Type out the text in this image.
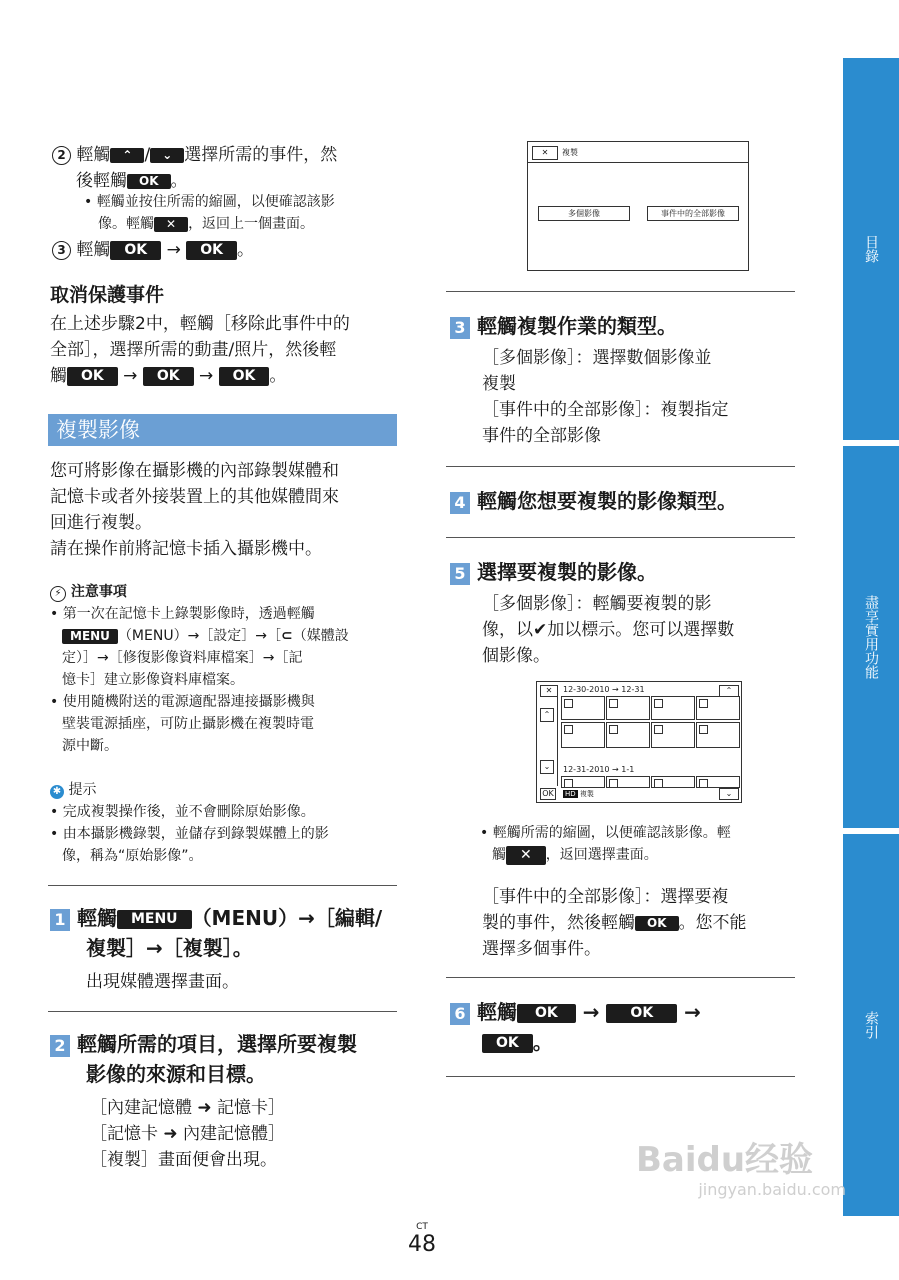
目錄
盡享實用功能
索引
2 輕觸 ⌃ / ⌄ 選擇所需的事件，然
後輕觸 OK 。
• 輕觸並按住所需的縮圖，以便確認該影
像。輕觸 ✕ ，返回上一個畫面。
3 輕觸 OK → OK 。
取消保護事件
在上述步驟2中，輕觸［移除此事件中的
全部］，選擇所需的動畫/照片，然後輕
觸 OK → OK → OK 。
複製影像
您可將影像在攝影機的內部錄製媒體和
記憶卡或者外接裝置上的其他媒體間來
回進行複製。
請在操作前將記憶卡插入攝影機中。
⚡ 注意事項
• 第一次在記憶卡上錄製影像時，透過輕觸
MENU （MENU）→［設定］→［⊂（媒體設
定）］→［修復影像資料庫檔案］→［記
憶卡］建立影像資料庫檔案。
• 使用隨機附送的電源適配器連接攝影機與
壁裝電源插座，可防止攝影機在複製時電
源中斷。
✱ 提示
• 完成複製操作後，並不會刪除原始影像。
• 由本攝影機錄製，並儲存到錄製媒體上的影
像，稱為“原始影像”。
1 輕觸 MENU （MENU）→［編輯/
複製］→［複製］。
出現媒體選擇畫面。
2 輕觸所需的項目，選擇所要複製
影像的來源和目標。
［內建記憶體 ➜ 記憶卡］
［記憶卡 ➜ 內建記憶體］
［複製］畫面便會出現。
✕	複製
多個影像	事件中的全部影像
3 輕觸複製作業的類型。
［多個影像］：選擇數個影像並
複製
［事件中的全部影像］：複製指定
事件的全部影像
4 輕觸您想要複製的影像類型。
5 選擇要複製的影像。
［多個影像］：輕觸要複製的影
像，以✔加以標示。您可以選擇數
個影像。
✕	12-30-2010 → 12-31	⌃
⌃
⌄	12-31-2010 → 1-1
OK	HD 複製	⌄
• 輕觸所需的縮圖，以便確認該影像。輕
觸 ✕ ，返回選擇畫面。
［事件中的全部影像］：選擇要複
製的事件，然後輕觸 OK 。您不能
選擇多個事件。
6 輕觸 OK → OK →
OK 。
Baidu经验
jingyan.baidu.com
CT
48
